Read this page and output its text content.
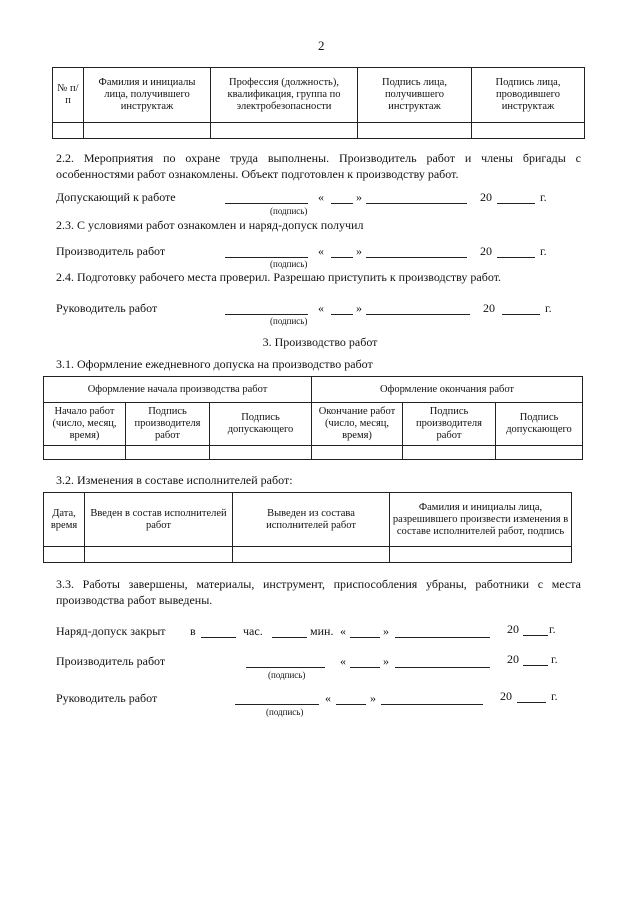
2
№ п/п	Фамилия и инициалы лица, получившего инструктаж	Профессия (должность), квалификация, группа по электробезопасности	Подпись лица, получившего инструктаж	Подпись лица, проводившего инструктаж

2.2. Мероприятия по охране труда выполнены. Производитель работ и члены бригады с особенностями работ ознакомлены. Объект подготовлен к производству работ.
Допускающий к работе
(подпись)
«	»	20	г.
2.3. С условиями работ ознакомлен и наряд-допуск получил
Производитель работ
(подпись)
«	»	20	г.
2.4. Подготовку рабочего места проверил. Разрешаю приступить к производству работ.
Руководитель работ
(подпись)
«	»	20	г.
3. Производство работ
3.1. Оформление ежедневного допуска на производство работ
Оформление начала производства работ			Оформление окончания работ		
Начало работ (число, месяц, время)	Подпись производителя работ	Подпись допускающего	Окончание работ (число, месяц, время)	Подпись производителя работ	Подпись допускающего

3.2. Изменения в составе исполнителей работ:
Дата, время	Введен в состав исполнителей работ	Выведен из состава исполнителей работ	Фамилия и инициалы лица, разрешившего произвести изменения в составе исполнителей работ, подпись

3.3. Работы завершены, материалы, инструмент, приспособления убраны, работники с места производства работ выведены.
Наряд-допуск закрыт в	час.	мин. «	»	20	г.
Производитель работ
(подпись)
«	»	20	г.
Руководитель работ
(подпись)
«	»	20	г.
